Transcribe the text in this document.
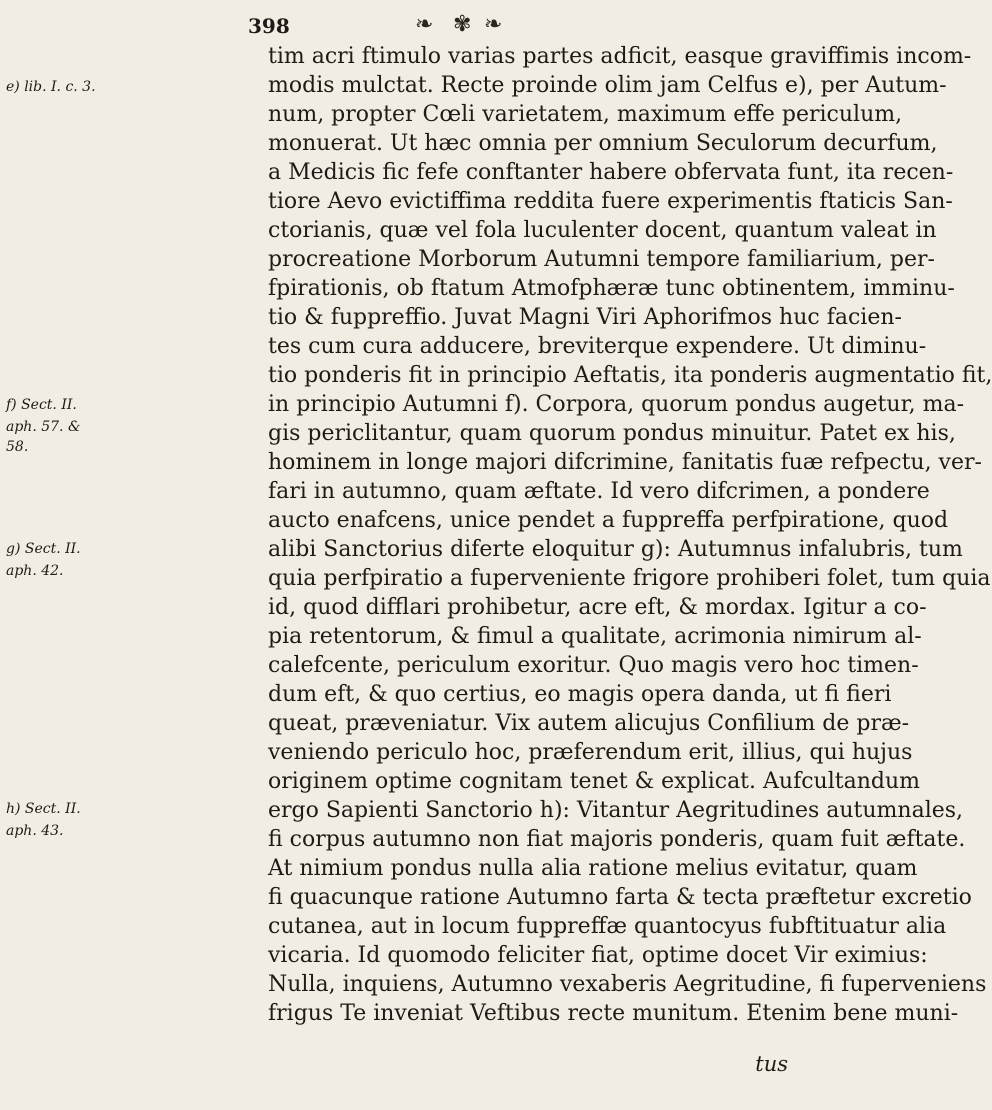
398	❧ ✾ ❧
tim acri ftimulo varias partes adficit, easque graviffimis incom-
modis mulctat. Recte proinde olim jam Celfus e), per Autum-
num, propter Cœli varietatem, maximum effe periculum,
monuerat. Ut hæc omnia per omnium Seculorum decurfum,
a Medicis fic fefe conftanter habere obfervata funt, ita recen-
tiore Aevo evictiffima reddita fuere experimentis ftaticis San-
ctorianis, quæ vel fola luculenter docent, quantum valeat in
procreatione Morborum Autumni tempore familiarium, per-
fpirationis, ob ftatum Atmofphæræ tunc obtinentem, imminu-
tio & fuppreffio. Juvat Magni Viri Aphorifmos huc facien-
tes cum cura adducere, breviterque expendere. Ut diminu-
tio ponderis fit in principio Aeftatis, ita ponderis augmentatio fit,
in principio Autumni f). Corpora, quorum pondus augetur, ma-
gis periclitantur, quam quorum pondus minuitur. Patet ex his,
hominem in longe majori difcrimine, fanitatis fuæ refpectu, ver-
fari in autumno, quam æftate. Id vero difcrimen, a pondere
aucto enafcens, unice pendet a fuppreffa perfpiratione, quod
alibi Sanctorius diferte eloquitur g): Autumnus infalubris, tum
quia perfpiratio a fuperveniente frigore prohiberi folet, tum quia
id, quod difflari prohibetur, acre eft, & mordax. Igitur a co-
pia retentorum, & fimul a qualitate, acrimonia nimirum al-
calefcente, periculum exoritur. Quo magis vero hoc timen-
dum eft, & quo certius, eo magis opera danda, ut fi fieri
queat, præveniatur. Vix autem alicujus Confilium de præ-
veniendo periculo hoc, præferendum erit, illius, qui hujus
originem optime cognitam tenet & explicat. Aufcultandum
ergo Sapienti Sanctorio h): Vitantur Aegritudines autumnales,
fi corpus autumno non fiat majoris ponderis, quam fuit æftate.
At nimium pondus nulla alia ratione melius evitatur, quam
fi quacunque ratione Autumno farta & tecta præftetur excretio
cutanea, aut in locum fuppreffæ quantocyus fubftituatur alia
vicaria. Id quomodo feliciter fiat, optime docet Vir eximius:
Nulla, inquiens, Autumno vexaberis Aegritudine, fi fuperveniens
frigus Te inveniat Veftibus recte munitum. Etenim bene muni-
tus
e) lib. I. c. 3.
f) Sect. II.
aph. 57. &
58.
g) Sect. II.
aph. 42.
h) Sect. II.
aph. 43.
